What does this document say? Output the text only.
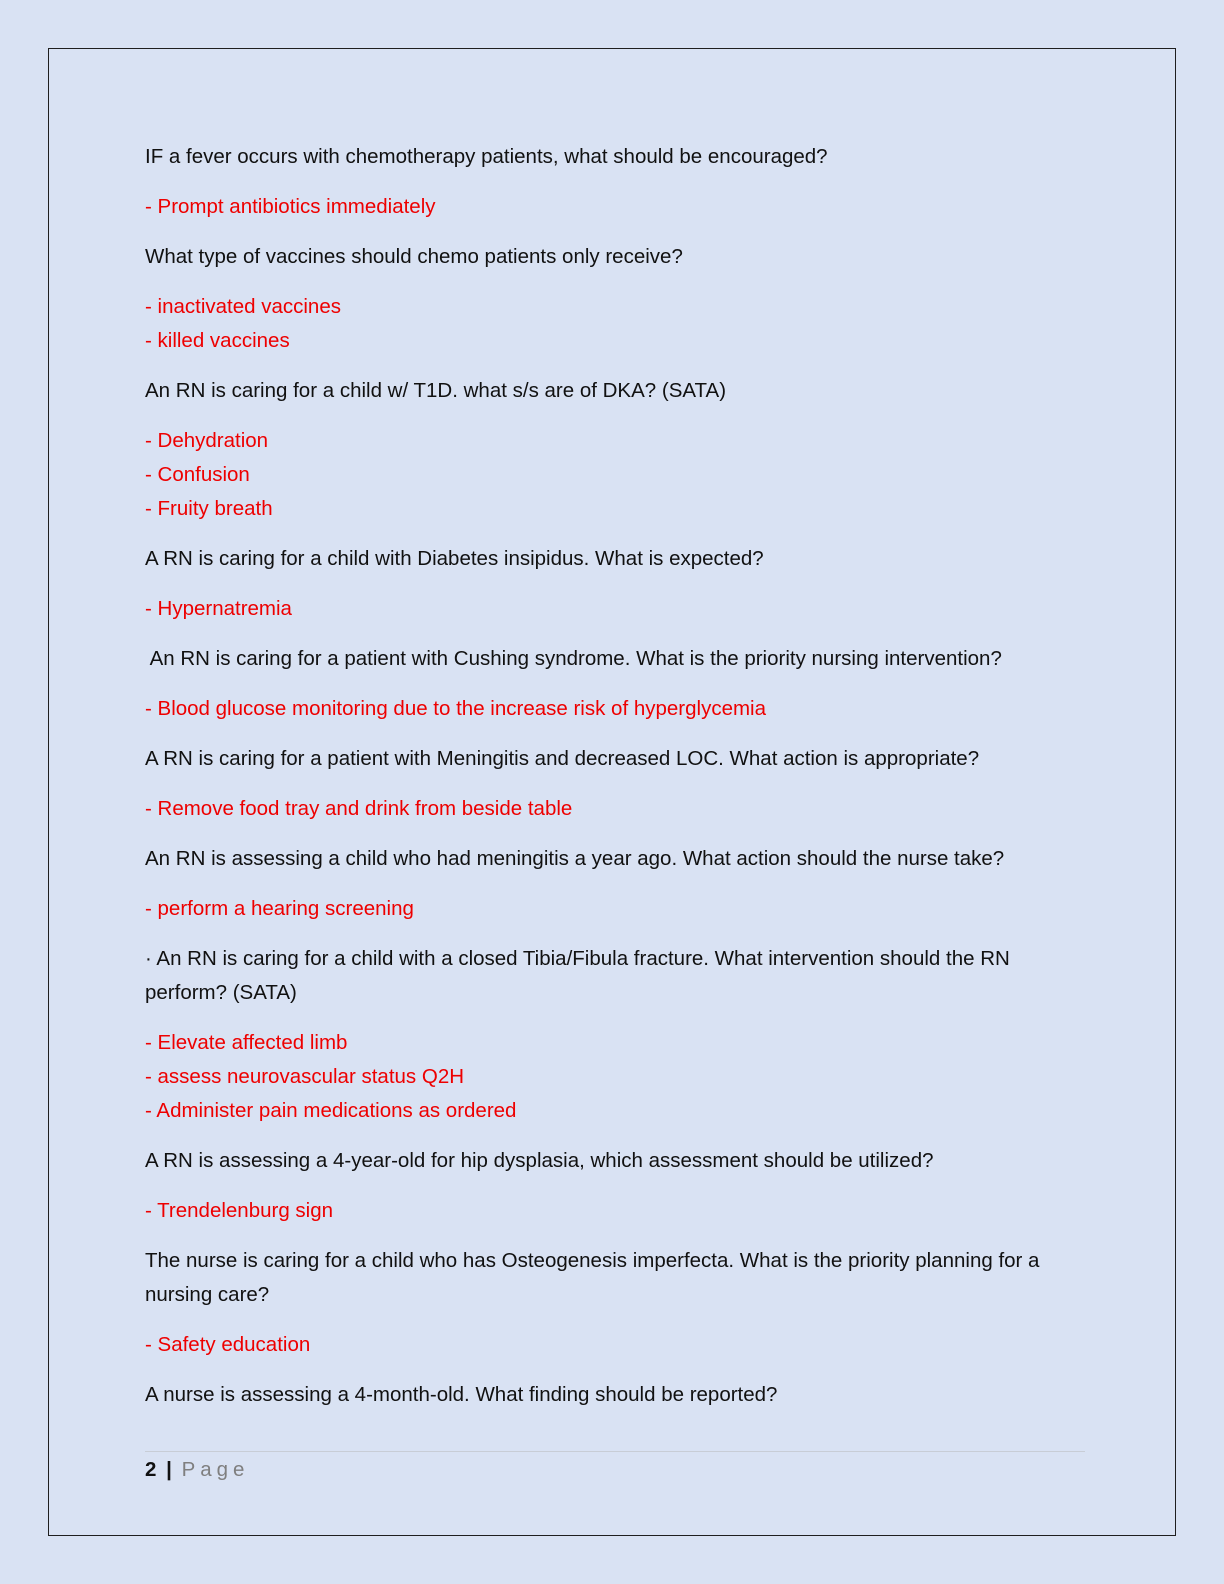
IF a fever occurs with chemotherapy patients, what should be encouraged?

- Prompt antibiotics immediately

What type of vaccines should chemo patients only receive?

- inactivated vaccines

- killed vaccines

An RN is caring for a child w/ T1D. what s/s are of DKA? (SATA)

- Dehydration

- Confusion

- Fruity breath

A RN is caring for a child with Diabetes insipidus. What is expected?

- Hypernatremia

An RN is caring for a patient with Cushing syndrome. What is the priority nursing intervention?

- Blood glucose monitoring due to the increase risk of hyperglycemia

A RN is caring for a patient with Meningitis and decreased LOC. What action is appropriate?

- Remove food tray and drink from beside table

An RN is assessing a child who had meningitis a year ago. What action should the nurse take?

- perform a hearing screening

· An RN is caring for a child with a closed Tibia/Fibula fracture. What intervention should the RN perform? (SATA)

- Elevate affected limb

- assess neurovascular status Q2H

- Administer pain medications as ordered

A RN is assessing a 4-year-old for hip dysplasia, which assessment should be utilized?

- Trendelenburg sign

The nurse is caring for a child who has Osteogenesis imperfecta. What is the priority planning for a nursing care?

- Safety education

A nurse is assessing a 4-month-old. What finding should be reported?

2 | Page
